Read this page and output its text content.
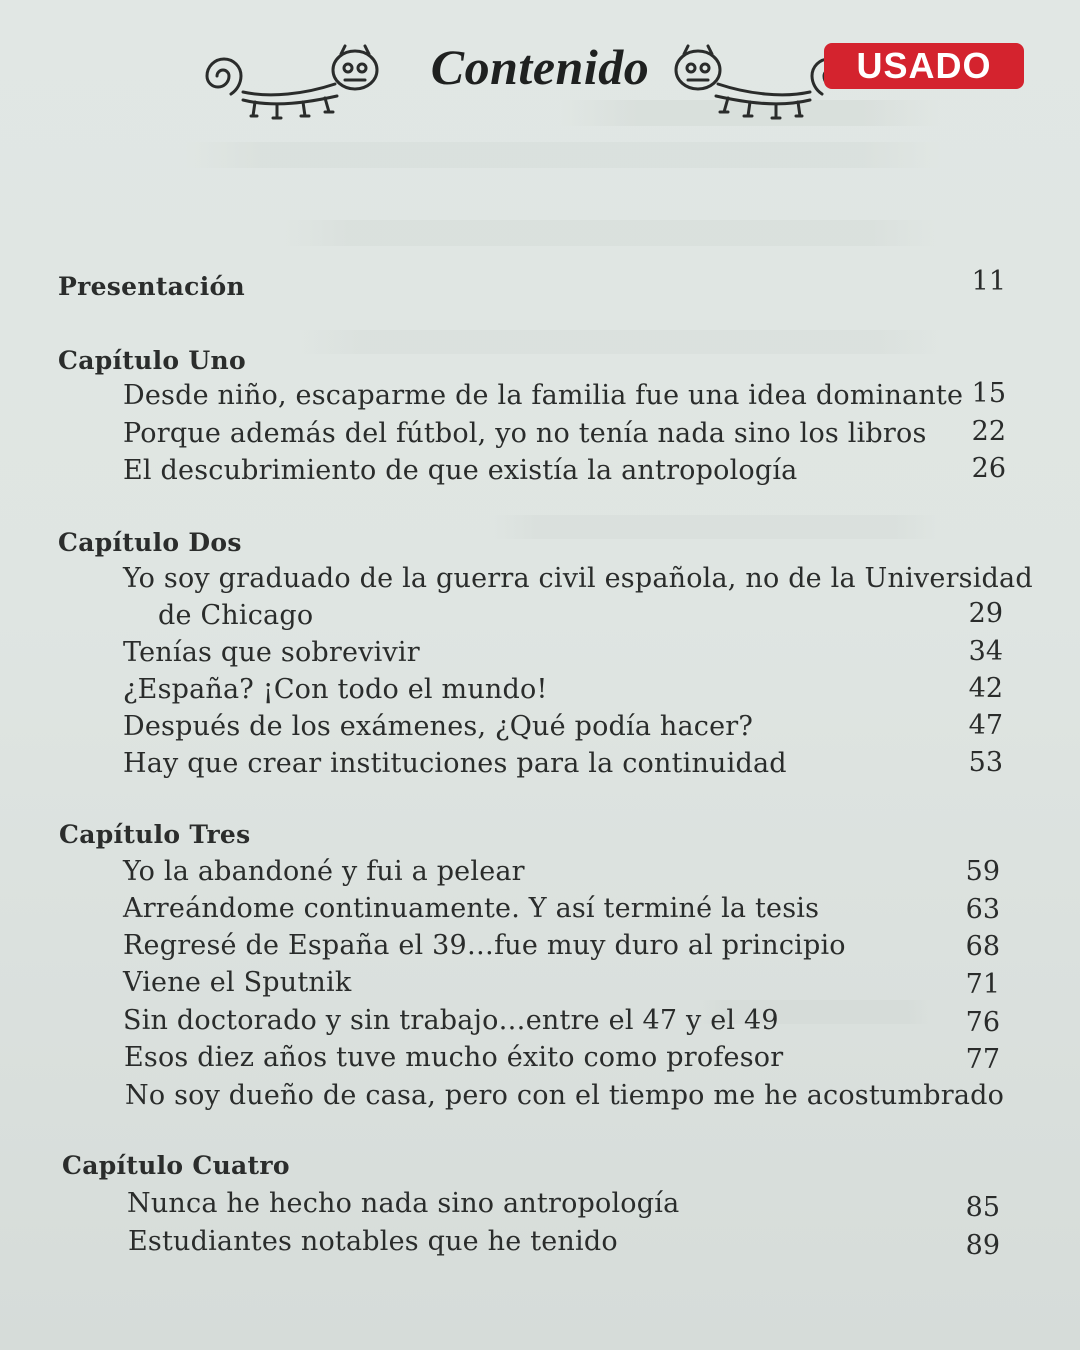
Contenido	USADO
Presentación	11
Capítulo Uno
Desde niño, escaparme de la familia fue una idea dominante 15
Porque además del fútbol, yo no tenía nada sino los libros	22
El descubrimiento de que existía la antropología	26
Capítulo Dos
Yo soy graduado de la guerra civil española, no de la Universidad
de Chicago	29
Tenías que sobrevivir	34
¿España? ¡Con todo el mundo!	42
Después de los exámenes, ¿Qué podía hacer?	47
Hay que crear instituciones para la continuidad	53
Capítulo Tres
Yo la abandoné y fui a pelear	59
Arreándome continuamente. Y así terminé la tesis	63
Regresé de España el 39…fue muy duro al principio	68
Viene el Sputnik	71
Sin doctorado y sin trabajo…entre el 47 y el 49	76
Esos diez años tuve mucho éxito como profesor	77
No soy dueño de casa, pero con el tiempo me he acostumbrado
Capítulo Cuatro
Nunca he hecho nada sino antropología	85
Estudiantes notables que he tenido	89
